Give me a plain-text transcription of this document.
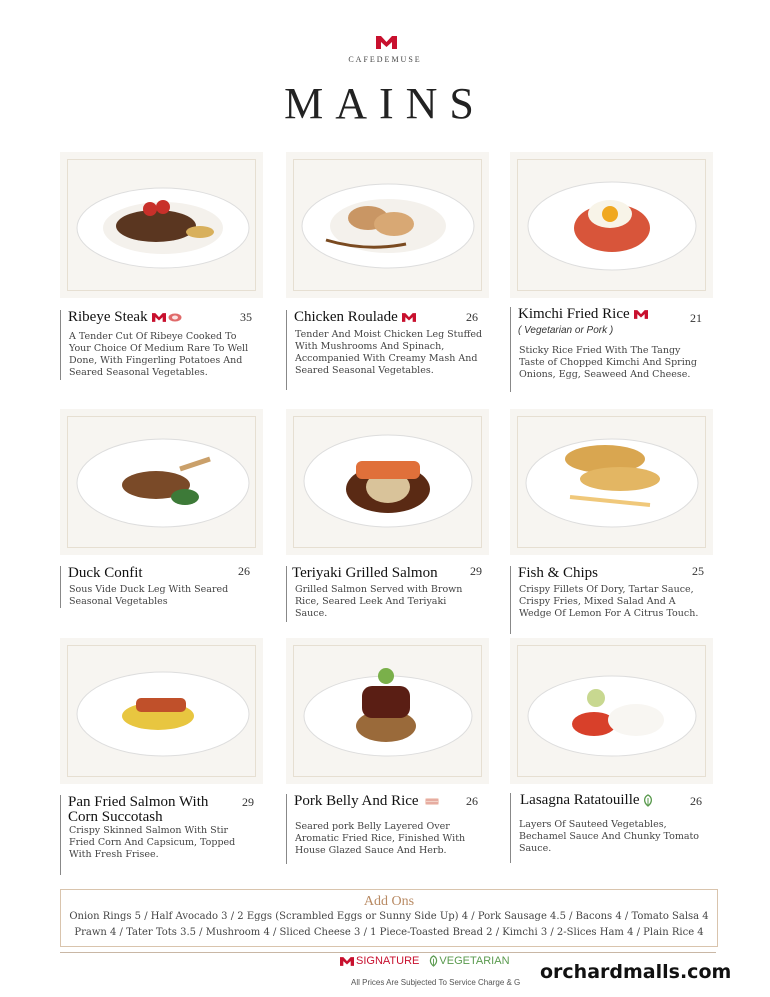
CAFEDEMUSE
MAINS
Ribeye Steak	35
A Tender Cut Of Ribeye Cooked To Your Choice Of Medium Rare To Well Done, With Fingerling Potatoes And Seared Seasonal Vegetables.
Chicken Roulade	26
Tender And Moist Chicken Leg Stuffed With Mushrooms And Spinach, Accompanied With Creamy Mash And Seared Seasonal Vegetables.
Kimchi Fried Rice	21
( Vegetarian or Pork )
Sticky Rice Fried With The Tangy Taste of Chopped Kimchi And Spring Onions, Egg, Seaweed And Cheese.
Duck Confit	26
Sous Vide Duck Leg With Seared Seasonal Vegetables
Teriyaki Grilled Salmon	29
Grilled Salmon Served with Brown Rice, Seared Leek And Teriyaki Sauce.
Fish & Chips	25
Crispy Fillets Of Dory, Tartar Sauce, Crispy Fries, Mixed Salad And A Wedge Of Lemon For A Citrus Touch.
Pan Fried Salmon With Corn Succotash
29
Crispy Skinned Salmon With Stir Fried Corn And Capsicum, Topped With Fresh Frisee.
Pork Belly And Rice	26
Seared pork Belly Layered Over Aromatic Fried Rice, Finished With House Glazed Sauce And Herb.
Lasagna Ratatouille	26
Layers Of Sauteed Vegetables, Bechamel Sauce And Chunky Tomato Sauce.
Add Ons
Onion Rings 5 / Half Avocado 3 / 2 Eggs (Scrambled Eggs or Sunny Side Up) 4 / Pork Sausage 4.5 / Bacons 4 / Tomato Salsa 4
Prawn 4 / Tater Tots 3.5 / Mushroom 4 / Sliced Cheese 3 / 1 Piece-Toasted Bread 2 / Kimchi 3 / 2-Slices Ham 4 / Plain Rice 4
SIGNATURE VEGETARIAN
All Prices Are Subjected To Service Charge & G orchardmalls.com
